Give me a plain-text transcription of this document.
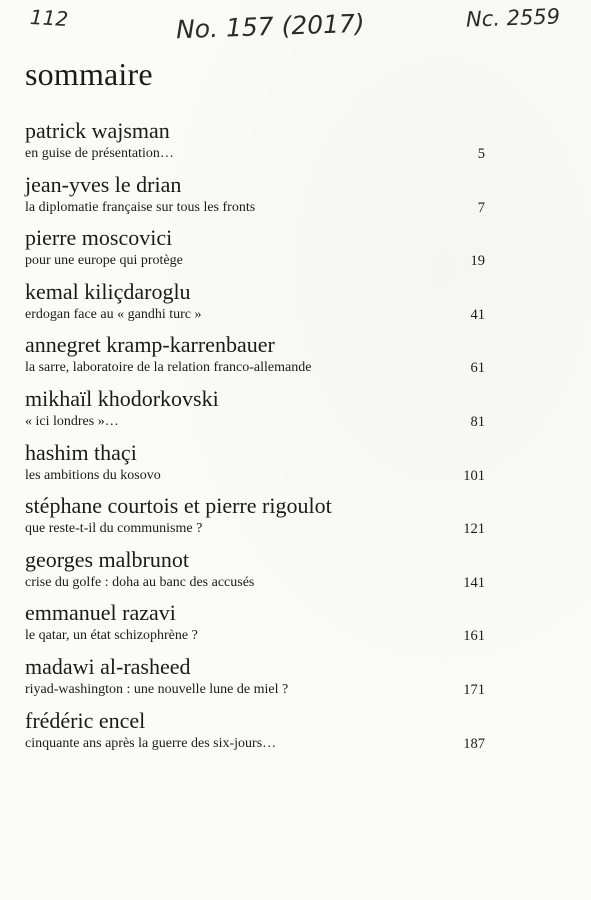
112	No. 157 (2017)	Nc. 2559
sommaire
patrick wajsman
en guise de présentation…	5
jean-yves le drian
la diplomatie française sur tous les fronts	7
pierre moscovici
pour une europe qui protège	19
kemal kiliçdaroglu
erdogan face au « gandhi turc »	41
annegret kramp-karrenbauer
la sarre, laboratoire de la relation franco-allemande	61
mikhaïl khodorkovski
« ici londres »…	81
hashim thaçi
les ambitions du kosovo	101
stéphane courtois et pierre rigoulot
que reste-t-il du communisme ?	121
georges malbrunot
crise du golfe : doha au banc des accusés	141
emmanuel razavi
le qatar, un état schizophrène ?	161
madawi al-rasheed
riyad-washington : une nouvelle lune de miel ?	171
frédéric encel
cinquante ans après la guerre des six-jours…	187
